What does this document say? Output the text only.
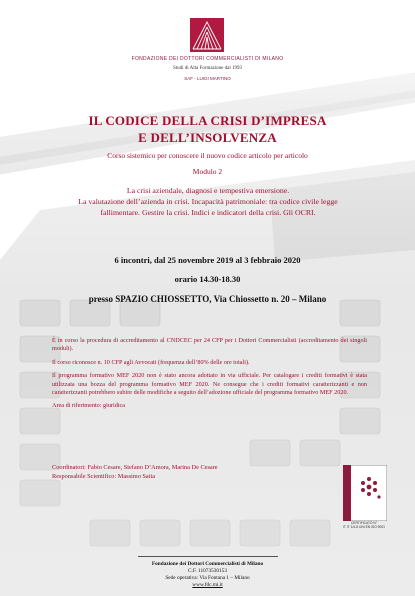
FONDAZIONE DEI DOTTORI COMMERCIALISTI DI MILANO
Studi di Alta Formazione dal 1993
SAF - LUIGI MARTINO
IL CODICE DELLA CRISI D’IMPRESA
E DELL’INSOLVENZA
Corso sistemico per conoscere il nuovo codice articolo per articolo
Modulo 2
La crisi aziendale, diagnosi e tempestiva emersione.
La valutazione dell’azienda in crisi. Incapacità patrimoniale: tra codice civile legge
fallimentare. Gestire la crisi. Indici e indicatori della crisi. Gli OCRI.
6 incontri, dal 25 novembre 2019 al 3 febbraio 2020
orario 14.30-18.30
presso SPAZIO CHIOSSETTO, Via Chiossetto n. 20 – Milano

È in corso la procedura di accreditamento al CNDCEC per 24 CFP per i Dottori Commercialisti (accreditamento dei singoli moduli).

Il corso riconosce n. 10 CFP agli Avvocati (frequenza dell’80% delle ore totali).

Il programma formativo MEF 2020 non è stato ancora adottato in via ufficiale. Per catalogare i crediti formativi è stata utilizzata una bozza del programma formativo MEF 2020. Ne consegue che i crediti formativi caratterizzanti e non caratterizzanti potrebbero subire delle modifiche a seguito dell’adozione ufficiale del programma formativo MEF 2020.

Area di riferimento: giuridica

Coordinatori: Fabio Cesare, Stefano D’Amora, Marina De Cesare
Responsabile Scientifico: Massimo Saita
CERTIFICATO N°
IT IT 1/4-8 UNI EN ISO 9001
Fondazione dei Dottori Commercialisti di Milano
C.F. 11073530153
Sede operativa: Via Fontana 1 – Milano
www.fdc.mi.it
